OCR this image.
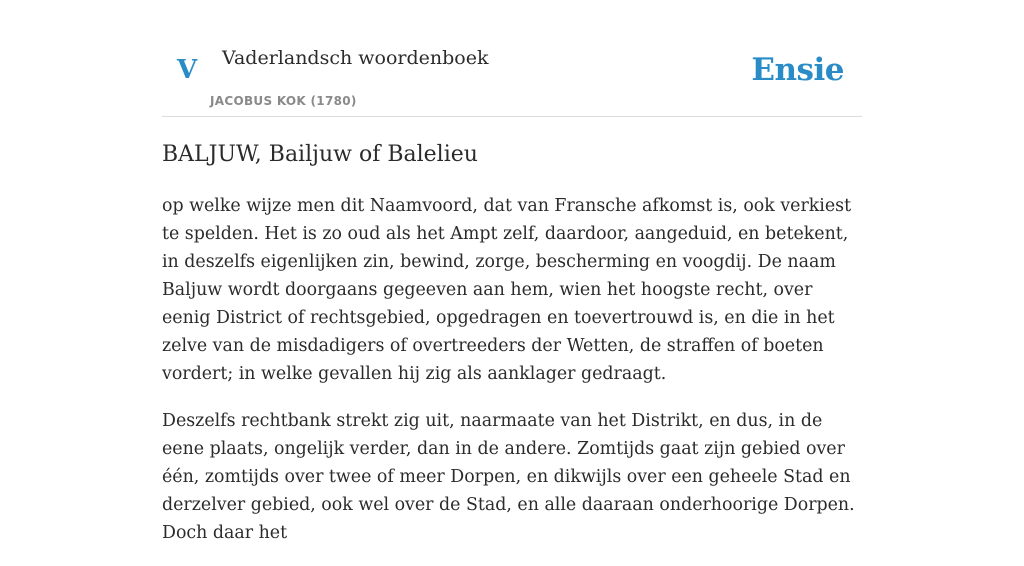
V Vaderlandsch woordenboek
JACOBUS KOK (1780)
Ensie
BALJUW, Bailjuw of Balelieu

op welke wijze men dit Naamvoord, dat van Fransche afkomst is, ook verkiest te spelden. Het is zo oud als het Ampt zelf, daardoor, aangeduid, en betekent, in deszelfs eigenlijken zin, bewind, zorge, bescherming en voogdij. De naam Baljuw wordt doorgaans gegeeven aan hem, wien het hoogste recht, over eenig District of rechtsgebied, opgedragen en toevertrouwd is, en die in het zelve van de misdadigers of overtreeders der Wetten, de straffen of boeten vordert; in welke gevallen hij zig als aanklager gedraagt.

Deszelfs rechtbank strekt zig uit, naarmaate van het Distrikt, en dus, in de eene plaats, ongelijk verder, dan in de andere. Zomtijds gaat zijn gebied over één, zomtijds over twee of meer Dorpen, en dikwijls over een geheele Stad en derzelver gebied, ook wel over de Stad, en alle daaraan onderhoorige Dorpen. Doch daar het
